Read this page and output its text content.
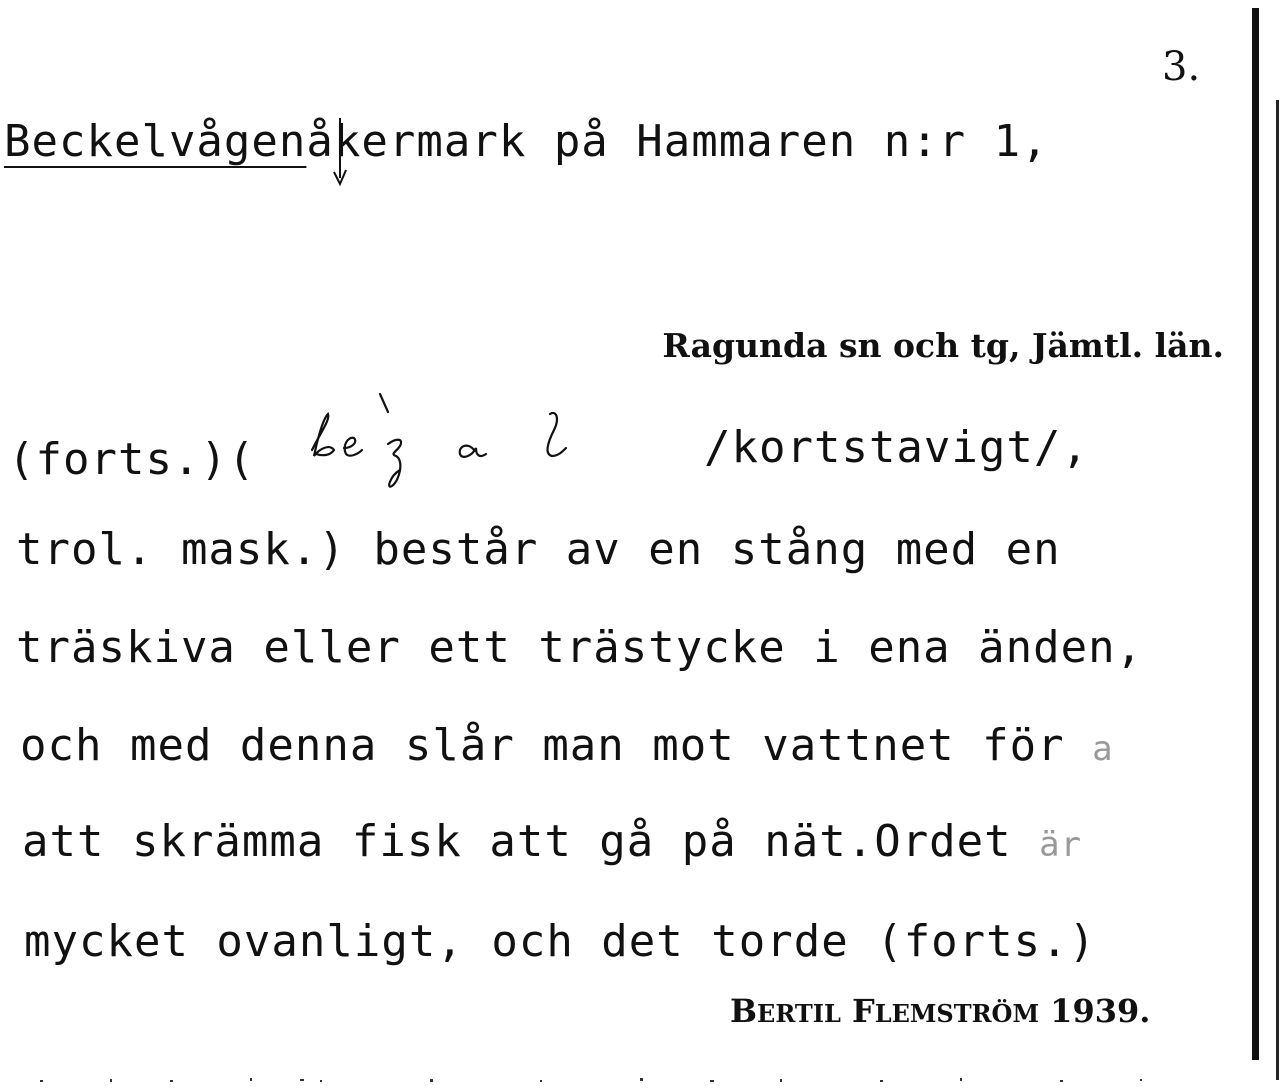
3.
Beckelvågenåkermark på Hammaren n:r 1,
Ragunda sn och tg, Jämtl. län.
(forts.)(	/kortstavigt/,
trol. mask.) består av en stång med en
träskiva eller ett trästycke i ena änden,
och med denna slår man mot vattnet för a
att skrämma fisk att gå på nät.Ordet är
mycket ovanligt, och det torde (forts.)
BERTIL FLEMSTRÖM 1939.
